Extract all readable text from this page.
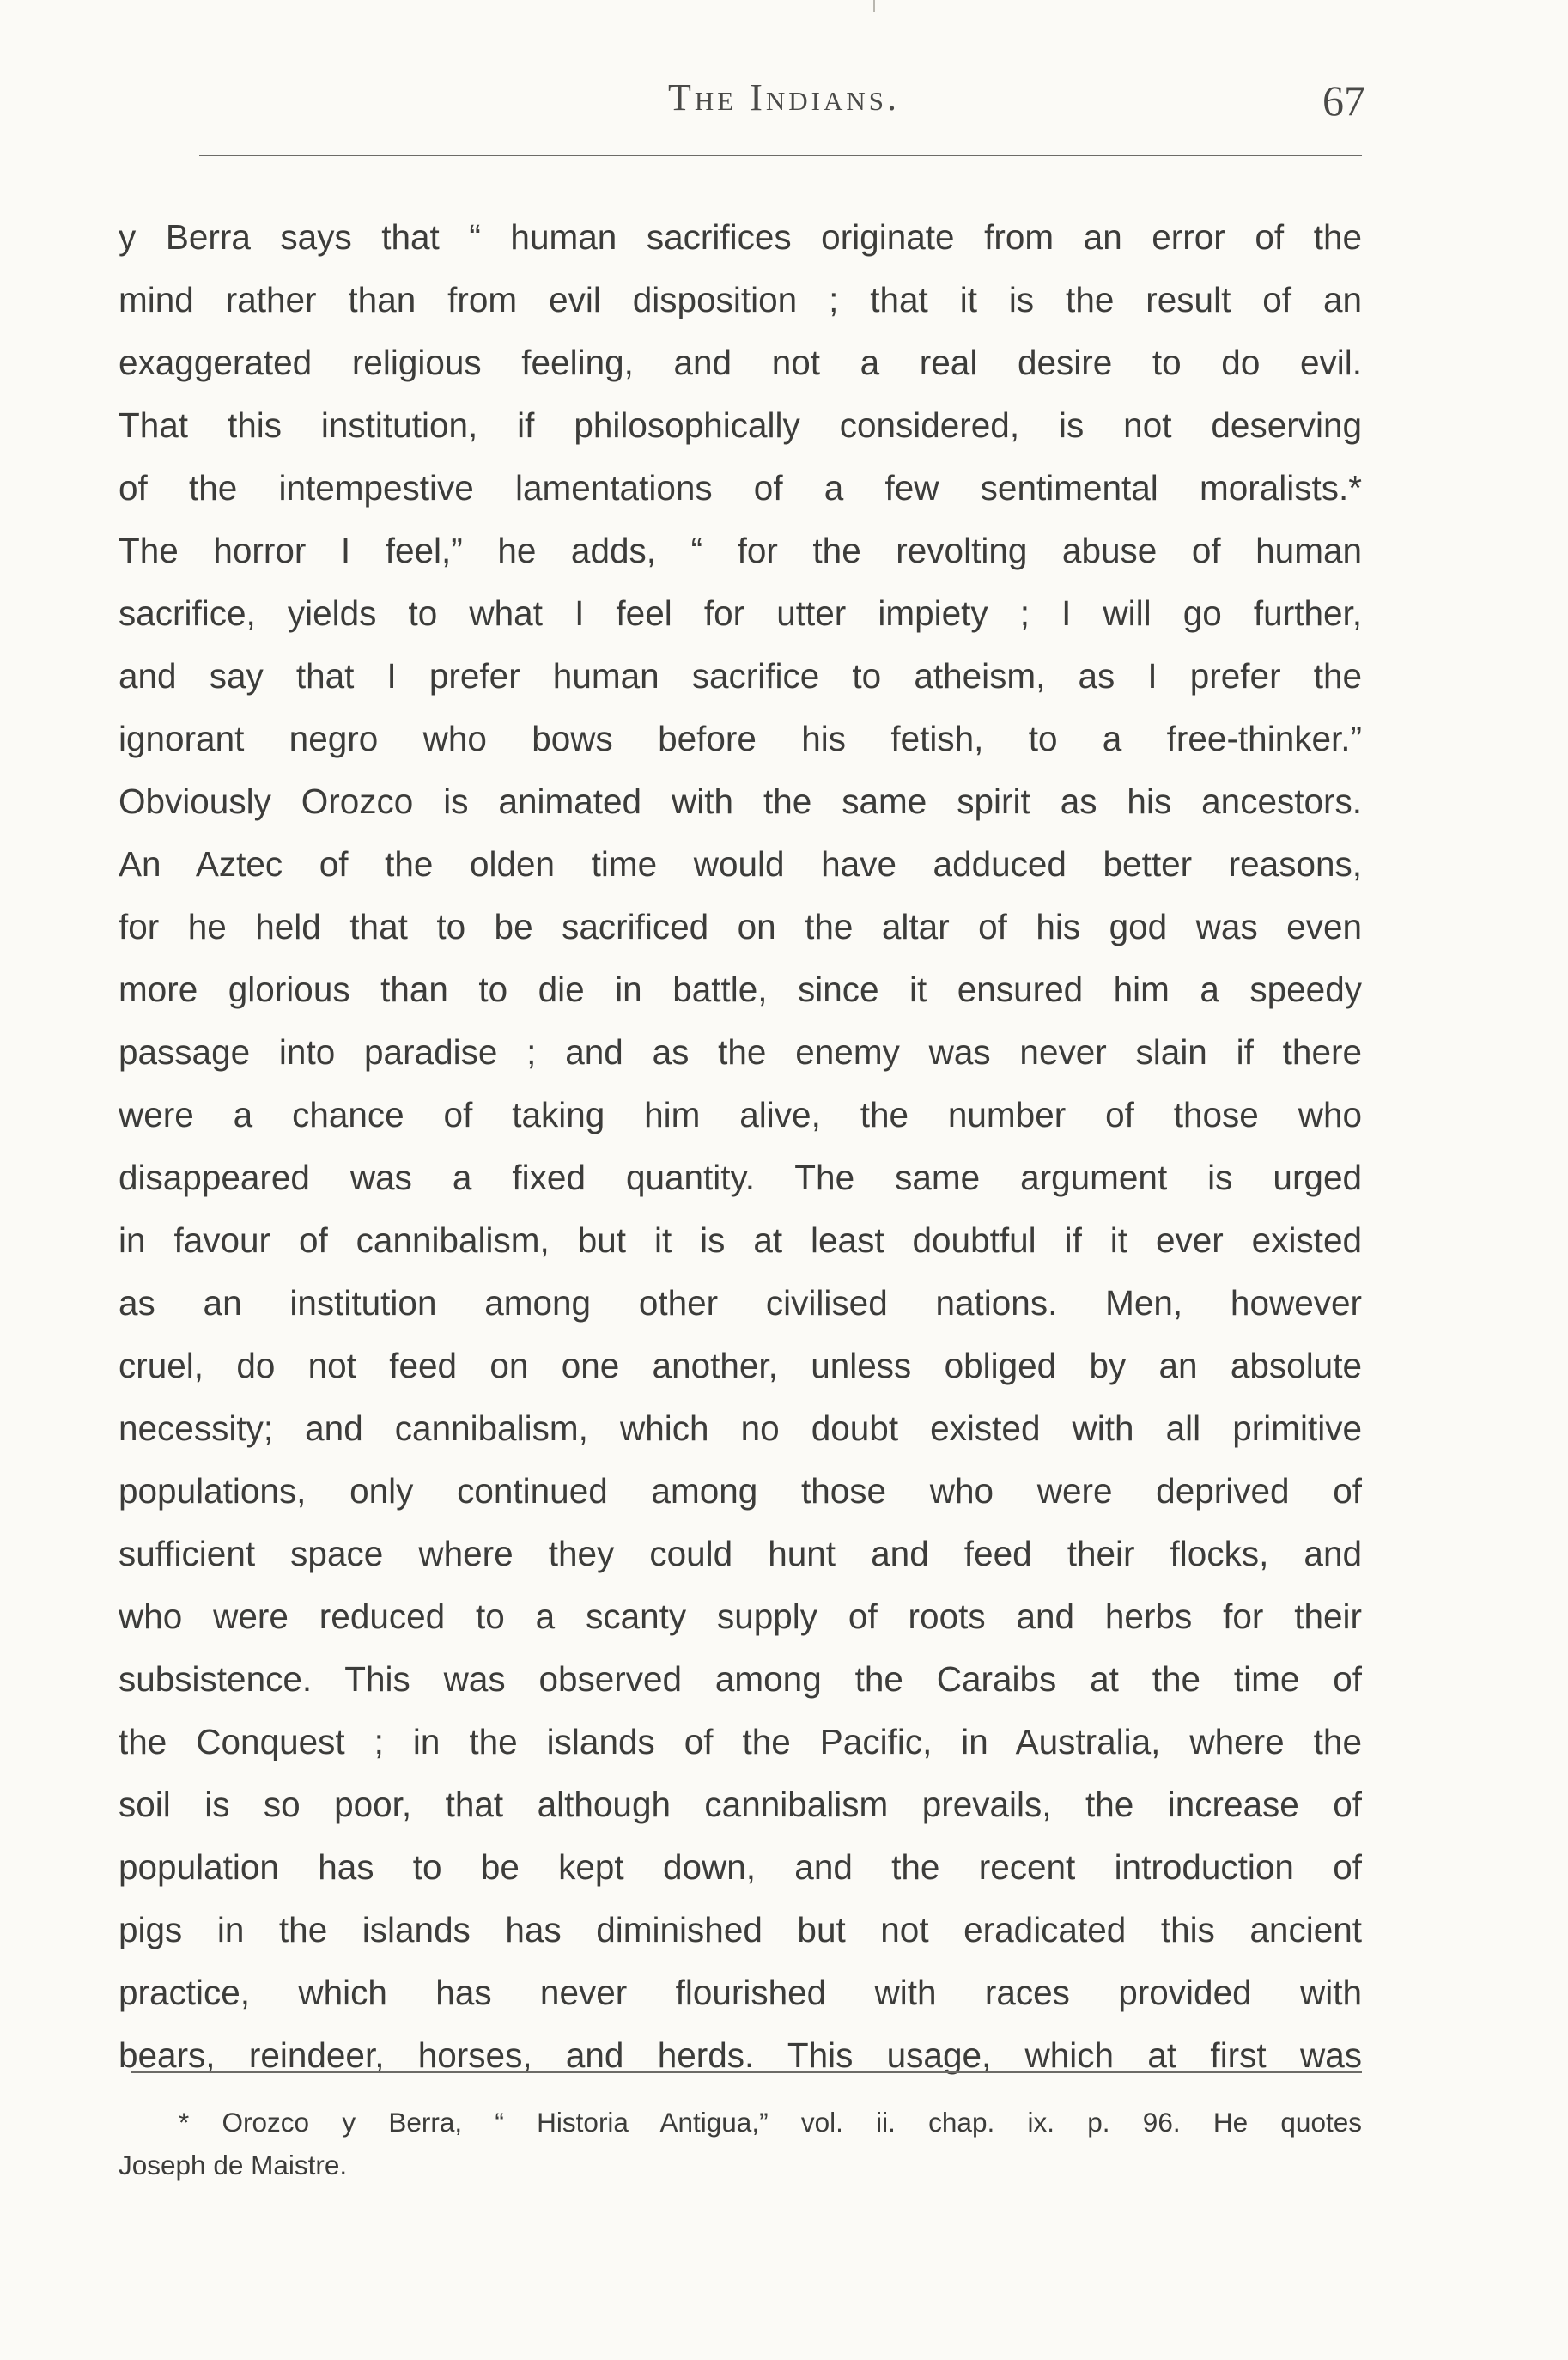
The Indians.	67
y Berra says that “ human sacrifices originate from an error of the
mind rather than from evil disposition ; that it is the result of an
exaggerated religious feeling, and not a real desire to do evil.
That this institution, if philosophically considered, is not deserving
of the intempestive lamentations of a few sentimental moralists.*
The horror I feel,” he adds, “ for the revolting abuse of human
sacrifice, yields to what I feel for utter impiety ; I will go further,
and say that I prefer human sacrifice to atheism, as I prefer the
ignorant negro who bows before his fetish, to a free-thinker.”
Obviously Orozco is animated with the same spirit as his ancestors.
An Aztec of the olden time would have adduced better reasons,
for he held that to be sacrificed on the altar of his god was even
more glorious than to die in battle, since it ensured him a speedy
passage into paradise ; and as the enemy was never slain if there
were a chance of taking him alive, the number of those who
disappeared was a fixed quantity. The same argument is urged
in favour of cannibalism, but it is at least doubtful if it ever existed
as an institution among other civilised nations. Men, however
cruel, do not feed on one another, unless obliged by an absolute
necessity; and cannibalism, which no doubt existed with all primitive
populations, only continued among those who were deprived of
sufficient space where they could hunt and feed their flocks, and
who were reduced to a scanty supply of roots and herbs for their
subsistence. This was observed among the Caraibs at the time of
the Conquest ; in the islands of the Pacific, in Australia, where the
soil is so poor, that although cannibalism prevails, the increase of
population has to be kept down, and the recent introduction of
pigs in the islands has diminished but not eradicated this ancient
practice, which has never flourished with races provided with
bears, reindeer, horses, and herds. This usage, which at first was
* Orozco y Berra, “ Historia Antigua,” vol. ii. chap. ix. p. 96. He quotes
Joseph de Maistre.
